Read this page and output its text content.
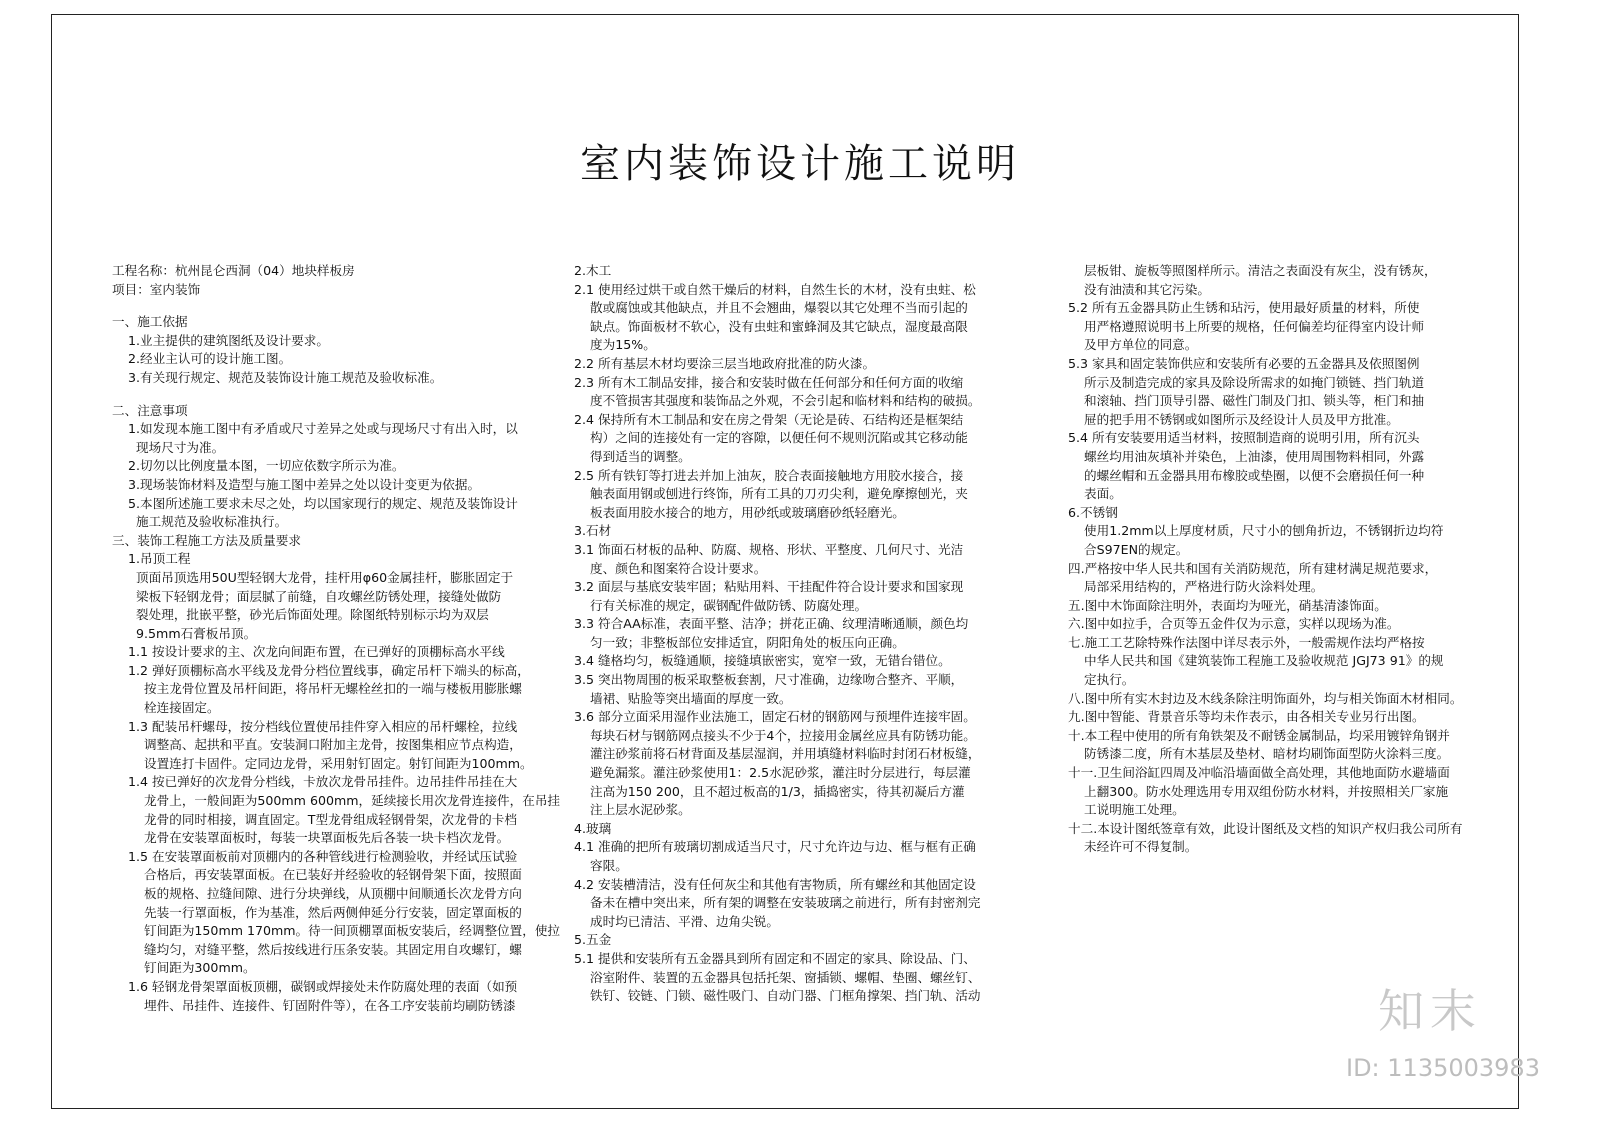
室内装饰设计施工说明

工程名称：杭州昆仑西洞（04）地块样板房

项目：室内装饰

一、施工依据

1.业主提供的建筑图纸及设计要求。

2.经业主认可的设计施工图。

3.有关现行规定、规范及装饰设计施工规范及验收标准。

二、注意事项

1.如发现本施工图中有矛盾或尺寸差异之处或与现场尺寸有出入时，以

现场尺寸为准。

2.切勿以比例度量本图，一切应依数字所示为准。

3.现场装饰材料及造型与施工图中差异之处以设计变更为依据。

5.本图所述施工要求未尽之处，均以国家现行的规定、规范及装饰设计

施工规范及验收标准执行。

三、装饰工程施工方法及质量要求

1.吊顶工程

顶面吊顶选用50U型轻钢大龙骨，挂杆用φ60金属挂杆，膨胀固定于

梁板下轻钢龙骨；面层腻了前缝，自攻螺丝防锈处理，接缝处做防

裂处理，批嵌平整，砂光后饰面处理。除图纸特别标示均为双层

9.5mm石膏板吊顶。

1.1 按设计要求的主、次龙向间距布置，在已弹好的顶棚标高水平线

1.2 弹好顶棚标高水平线及龙骨分档位置线事，确定吊杆下端头的标高，

按主龙骨位置及吊杆间距，将吊杆无螺栓丝扣的一端与楼板用膨胀螺

栓连接固定。

1.3 配装吊杆螺母，按分档线位置使吊挂件穿入相应的吊杆螺栓，拉线

调整高、起拱和平直。安装洞口附加主龙骨，按图集相应节点构造，

设置连打卡固件。定同边龙骨，采用射钉固定。射钉间距为100mm。

1.4 按已弹好的次龙骨分档线，卡放次龙骨吊挂件。边吊挂件吊挂在大

龙骨上，一般间距为500mm 600mm，延续接长用次龙骨连接件，在吊挂

龙骨的同时相接，调直固定。T型龙骨组成轻钢骨架，次龙骨的卡档

龙骨在安装罩面板时，每装一块罩面板先后各装一块卡档次龙骨。

1.5 在安装罩面板前对顶棚内的各种管线进行检测验收，并经试压试验

合格后，再安装罩面板。在已装好并经验收的轻钢骨架下面，按照面

板的规格、拉缝间隙、进行分块弹线，从顶棚中间顺通长次龙骨方向

先装一行罩面板，作为基准，然后两侧伸延分行安装，固定罩面板的

钉间距为150mm 170mm。待一间顶棚罩面板安装后，经调整位置，使拉

缝均匀，对缝平整，然后按线进行压条安装。其固定用自攻螺钉，螺

钉间距为300mm。

1.6 轻钢龙骨架罩面板顶棚，碳钢或焊接处未作防腐处理的表面（如预

埋件、吊挂件、连接件、钉固附件等），在各工序安装前均刷防锈漆

2.木工

2.1 使用经过烘干或自然干燥后的材料，自然生长的木材，没有虫蛀、松

散或腐蚀或其他缺点，并且不会翘曲，爆裂以其它处理不当而引起的

缺点。饰面板材不软心，没有虫蛀和蜜蜂洞及其它缺点，湿度最高限

度为15%。

2.2 所有基层木材均要涂三层当地政府批准的防火漆。

2.3 所有木工制品安排，接合和安装时做在任何部分和任何方面的收缩

度不管损害其强度和装饰品之外观，不会引起和临材料和结构的破损。

2.4 保持所有木工制品和安在房之骨架（无论是砖、石结构还是框架结

构）之间的连接处有一定的容隙，以便任何不规则沉陷或其它移动能

得到适当的调整。

2.5 所有铁钉等打进去并加上油灰，胶合表面接触地方用胶水接合，接

触表面用钢或刨进行终饰，所有工具的刀刃尖利，避免摩擦刨光，夹

板表面用胶水接合的地方，用砂纸或玻璃磨砂纸轻磨光。

3.石材

3.1 饰面石材板的品种、防腐、规格、形状、平整度、几何尺寸、光洁

度、颜色和图案符合设计要求。

3.2 面层与基底安装牢固；粘贴用料、干挂配件符合设计要求和国家现

行有关标准的规定，碳钢配件做防锈、防腐处理。

3.3 符合AA标准，表面平整、洁净；拼花正确、纹理清晰通顺，颜色均

匀一致；非整板部位安排适宜，阴阳角处的板压向正确。

3.4 缝格均匀，板缝通顺，接缝填嵌密实，宽窄一致，无错台错位。

3.5 突出物周围的板采取整板套割，尺寸准确，边缘吻合整齐、平顺，

墙裙、贴脸等突出墙面的厚度一致。

3.6 部分立面采用湿作业法施工，固定石材的钢筋网与预埋件连接牢固。

每块石材与钢筋网点接头不少于4个，拉接用金属丝应具有防锈功能。

灌注砂浆前将石材背面及基层湿润，并用填缝材料临时封闭石材板缝，

避免漏浆。灌注砂浆使用1：2.5水泥砂浆，灌注时分层进行，每层灌

注高为150 200，且不超过板高的1/3，插捣密实，待其初凝后方灌

注上层水泥砂浆。

4.玻璃

4.1 准确的把所有玻璃切割成适当尺寸，尺寸允许边与边、框与框有正确

容限。

4.2 安装槽清洁，没有任何灰尘和其他有害物质，所有螺丝和其他固定设

备未在槽中突出来，所有架的调整在安装玻璃之前进行，所有封密剂完

成时均已清洁、平滑、边角尖锐。

5.五金

5.1 提供和安装所有五金器具到所有固定和不固定的家具、除设品、门、

浴室附件、装置的五金器具包括托架、窗插锁、螺帽、垫圈、螺丝钉、

铁钉、铰链、门锁、磁性吸门、自动门器、门框角撑架、挡门轨、活动

层板钳、旋板等照图样所示。清洁之表面没有灰尘，没有锈灰，

没有油渍和其它污染。

5.2 所有五金器具防止生锈和玷污，使用最好质量的材料，所使

用严格遵照说明书上所要的规格，任何偏差均征得室内设计师

及甲方单位的同意。

5.3 家具和固定装饰供应和安装所有必要的五金器具及依照图例

所示及制造完成的家具及除设所需求的如掩门锁链、挡门轨道

和滚轴、挡门顶导引器、磁性门制及门扣、锁头等，柜门和抽

屉的把手用不锈钢或如图所示及经设计人员及甲方批准。

5.4 所有安装要用适当材料，按照制造商的说明引用，所有沉头

螺丝均用油灰填补并染色，上油漆，使用周围物料相同，外露

的螺丝帽和五金器具用布橡胶或垫圈，以便不会磨损任何一种

表面。

6.不锈钢

使用1.2mm以上厚度材质，尺寸小的刨角折边，不锈钢折边均符

合S97EN的规定。

四.严格按中华人民共和国有关消防规范，所有建材满足规范要求，

局部采用结构的，严格进行防火涂料处理。

五.图中木饰面除注明外，表面均为哑光，硝基清漆饰面。

六.图中如拉手，合页等五金件仅为示意，实样以现场为准。

七.施工工艺除特殊作法图中详尽表示外，一般需规作法均严格按

中华人民共和国《建筑装饰工程施工及验收规范 JGJ73 91》的规

定执行。

八.图中所有实木封边及木线条除注明饰面外，均与相关饰面木材相同。

九.图中智能、背景音乐等均未作表示，由各相关专业另行出图。

十.本工程中使用的所有角铁架及不耐锈金属制品，均采用镀锌角钢并

防锈漆二度，所有木基层及垫材、暗材均刷饰面型防火涂料三度。

十一.卫生间浴缸四周及冲临沿墙面做全高处理，其他地面防水避墙面

上翻300。防水处理选用专用双组份防水材料，并按照相关厂家施

工说明施工处理。

十二.本设计图纸签章有效，此设计图纸及文档的知识产权归我公司所有

未经许可不得复制。

知末
ID: 1135003983
